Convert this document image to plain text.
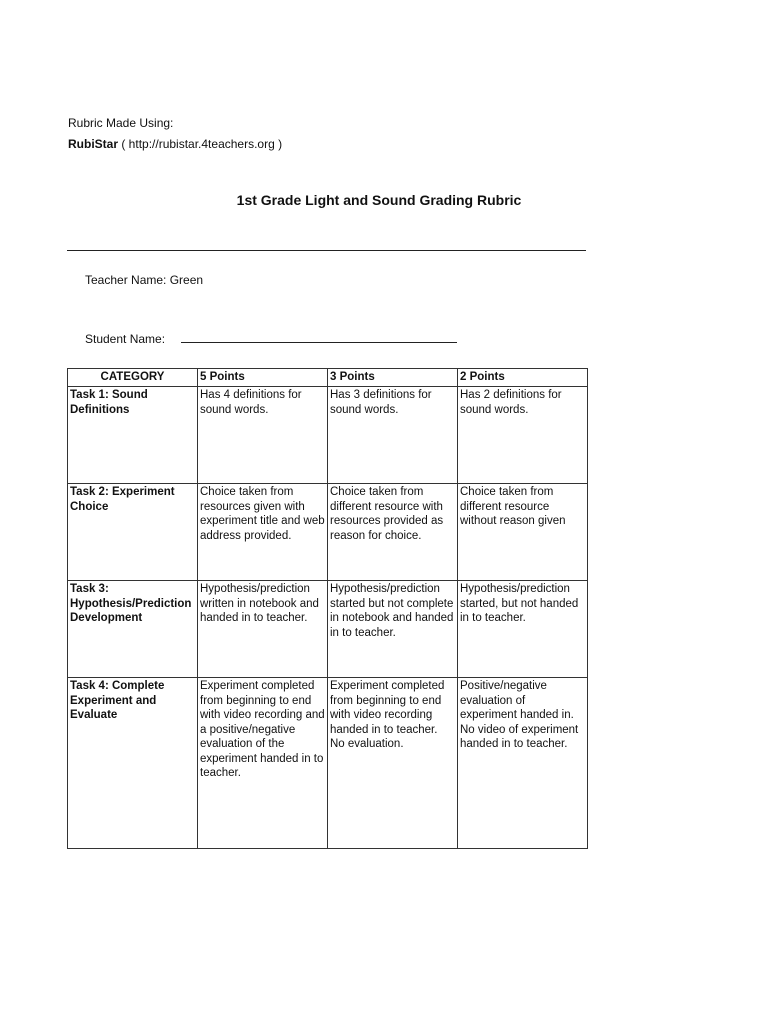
Rubric Made Using:
RubiStar ( http://rubistar.4teachers.org )
1st Grade Light and Sound Grading Rubric
Teacher Name: Green
Student Name:
CATEGORY	5 Points	3 Points	2 Points
Task 1: Sound Definitions	Has 4 definitions for sound words.	Has 3 definitions for sound words.	Has 2 definitions for sound words.
Task 2: Experiment Choice	Choice taken from resources given with experiment title and web address provided.	Choice taken from different resource with resources provided as reason for choice.	Choice taken from different resource without reason given
Task 3: Hypothesis/Prediction Development	Hypothesis/prediction written in notebook and handed in to teacher.	Hypothesis/prediction started but not complete in notebook and handed in to teacher.	Hypothesis/prediction started, but not handed in to teacher.
Task 4: Complete Experiment and Evaluate	Experiment completed from beginning to end with video recording and a positive/negative evaluation of the experiment handed in to teacher.	Experiment completed from beginning to end with video recording handed in to teacher. No evaluation.	Positive/negative evaluation of experiment handed in. No video of experiment handed in to teacher.
